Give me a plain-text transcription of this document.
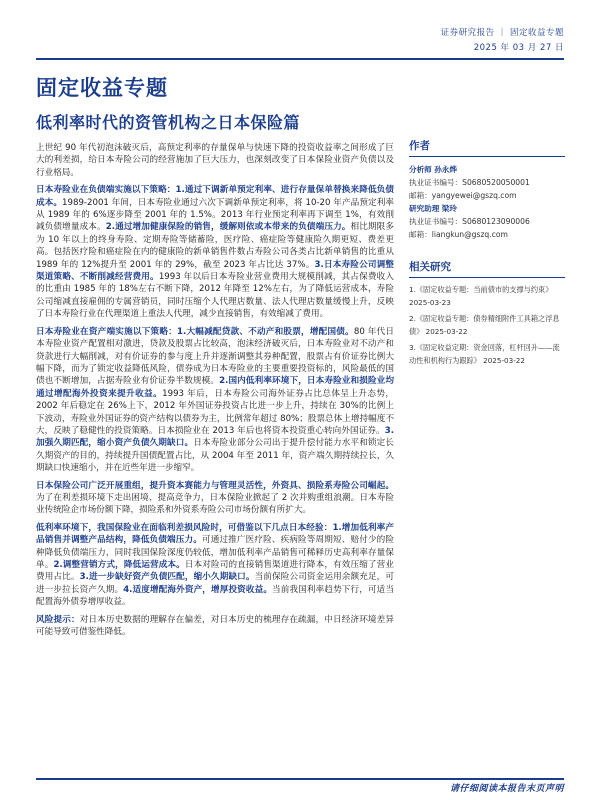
证券研究报告 ｜ 固定收益专题
2025 年 03 月 27 日
固定收益专题
低利率时代的资管机构之日本保险篇

上世纪 90 年代初泡沫破灭后，高预定利率的存量保单与快速下降的投资收益率之间形成了巨大的利差损，给日本寿险公司的经营施加了巨大压力，也深刻改变了日本保险业资产负债以及行业格局。

日本寿险业在负债端实施以下策略：1.通过下调新单预定利率、进行存量保单替换来降低负债成本。1989-2001 年间，日本寿险业通过六次下调新单预定利率，将 10-20 年产品预定利率从 1989 年的 6%逐步降至 2001 年的 1.5%。2013 年行业预定利率再下调至 1%，有效削减负债增量成本。2.通过增加健康保险的销售，缓解则依或本带来的负债端压力。相比期限多为 10 年以上的终身寿险、定期寿险等储蓄险，医疗险、癌症险等健康险久期更短、费差更高。包括医疗险和癌症险在内的健康险的新单销售件数占寿险公司各类占比新单销售的比重从 1989 年的 12%提升至 2001 年的 29%，截至 2023 年占比达 37%。3.日本寿险公司调整渠道策略、不断削减经营费用。1993 年以后日本寿险业营业费用大规模削减，其占保费收入的比重由 1985 年的 18%左右不断下降，2012 年降至 12%左右，为了降低运营成本，寿险公司缩减直接雇佣的专属营销员，同时压缩个人代理店数量、法人代理店数量缓慢上升，反映了日本寿险行业在代理渠道上重法人代理，减少直接销售，有效缩减了费用。

日本寿险业在资产端实施以下策略：1.大幅减配贷款、不动产和股票，增配国债。80 年代日本寿险业资产配置相对激进，贷款及股票占比较高，泡沫经济破灭后，日本寿险业对不动产和贷款进行大幅削减，对有价证券的参与度上升并逐渐调整其券种配置，股票占有价证券比例大幅下降，而为了锁定收益降低风险，债券成为日本寿险业的主要重要投资标的，风险最低的国债也不断增加，占据寿险业有价证券半数规模。2.国内低利率环境下，日本寿险业和损险业均通过增配海外投资来提升收益。1993 年后，日本寿险公司海外证券占比总体呈上升态势，2002 年后稳定在 26%上下，2012 年外国证券投资占比进一步上升，持续在 30%的比例上下波动，寿险业外国证券的资产结构以债券为主，比例常年超过 80%；股票总体上增持幅度不大，反映了稳健性的投资策略。日本损险业在 2013 年后也将资本投资重心转向外国证券。3.加强久期匹配，缩小资产负债久期缺口。日本寿险业部分公司出于提升偿付能力水平和锁定长久期资产的目的，持续提升国债配置占比，从 2004 年至 2011 年，资产端久期持续拉长，久期缺口快速缩小，并在近些年进一步缩窄。

日本保险公司广泛开展重组，提升资本赛能力与管理灵活性，外资具、损险系寿险公司崛起。为了在利差损环境下走出困境、提高竞争力，日本保险业掀起了 2 次并购重组浪潮。日本寿险业传统险企市场份额下降，损险系和外资系寿险公司市场份额有所扩大。

低利率环境下，我国保险业在面临利差损风险时，可借鉴以下几点日本经验：1.增加低利率产品销售并调整产品结构，降低负债端压力。可通过推广医疗险、疾病险等周期短、赔付少的险种降低负债端压力，同时我国保险深度仍较低，增加低利率产品销售可稀释历史高利率存量保单。2.调整营销方式，降低运营成本。日本对险司的直接销售渠道进行降本，有效压缩了营业费用占比。3.进一步缺好资产负债匹配，缩小久期缺口。当前保险公司资金运用余额充足，可进一步拉长资产久期。4.适度增配海外资产，增厚投资收益。当前我国利率趋势下行，可适当配置海外债券增厚收益。

风险提示：对日本历史数据的理解存在偏差，对日本历史的梳理存在疏漏，中日经济环境差异可能导致可借鉴性降低。

作者
分析师 孙永烨
执业证书编号：S0680520050001
邮箱：yangyewei@gszq.com
研究助理 梁玲
执业证书编号：S0680123090006
邮箱：liangkun@gszq.com
相关研究
1.《固定收益专题：当前债市的支撑与约束》 2025-03-23
2.《固定收益专题：债券精细附件工具箱之浮息债》 2025-03-22
3.《固定收益定期：资金回落，杠杆回升——流动性和机构行为跟踪》 2025-03-22
请仔细阅读本报告末页声明
